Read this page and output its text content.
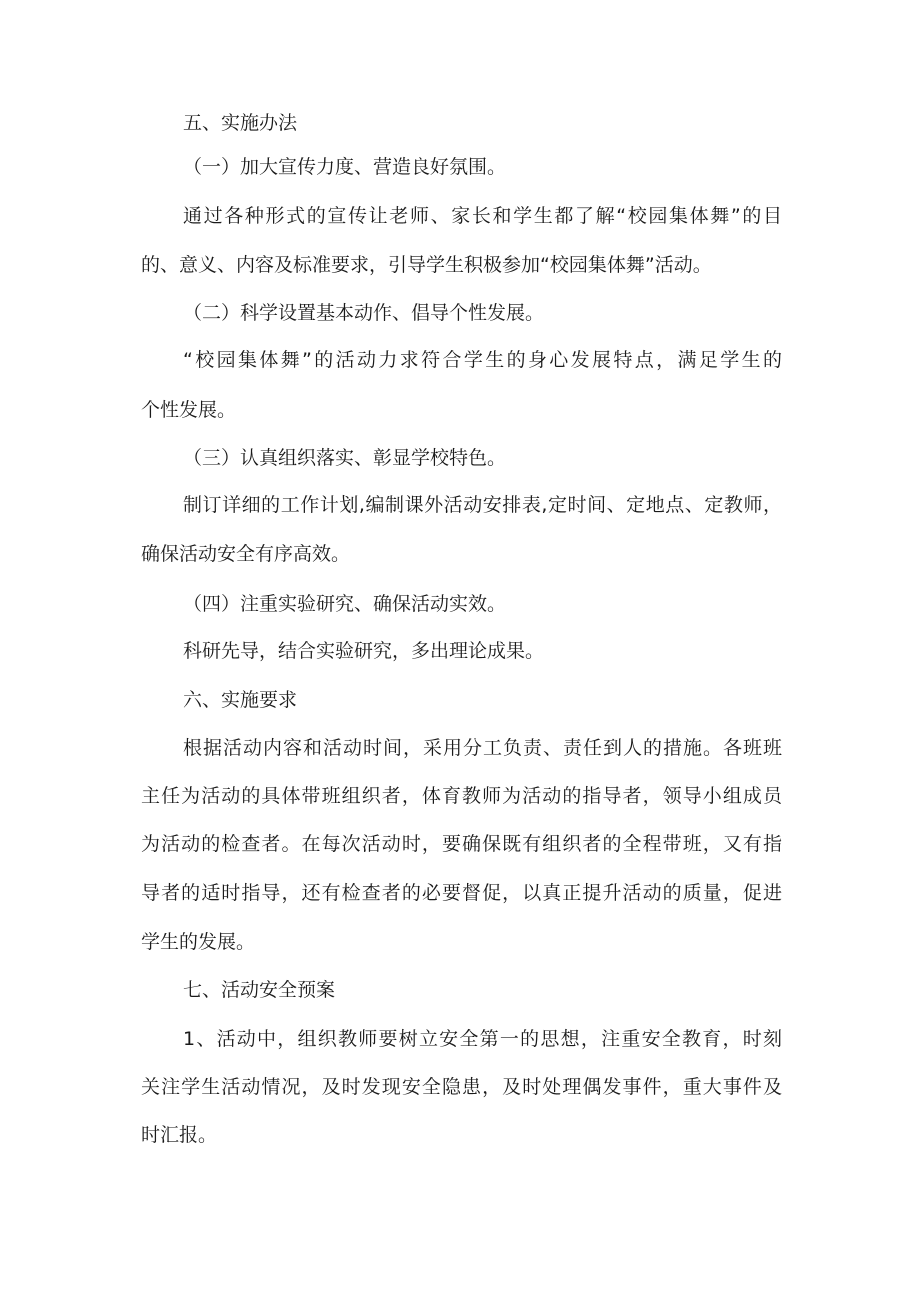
五、实施办法

（一）加大宣传力度、营造良好氛围。

通过各种形式的宣传让老师、家长和学生都了解“校园集体舞”的目

的、意义、内容及标准要求，引导学生积极参加“校园集体舞”活动。

（二）科学设置基本动作、倡导个性发展。

“校园集体舞”的活动力求符合学生的身心发展特点，满足学生的

个性发展。

（三）认真组织落实、彰显学校特色。

制订详细的工作计划,编制课外活动安排表,定时间、定地点、定教师，

确保活动安全有序高效。

（四）注重实验研究、确保活动实效。

科研先导，结合实验研究，多出理论成果。

六、实施要求

根据活动内容和活动时间，采用分工负责、责任到人的措施。各班班

主任为活动的具体带班组织者，体育教师为活动的指导者，领导小组成员

为活动的检查者。在每次活动时，要确保既有组织者的全程带班，又有指

导者的适时指导，还有检查者的必要督促，以真正提升活动的质量，促进

学生的发展。

七、活动安全预案

1、活动中，组织教师要树立安全第一的思想，注重安全教育，时刻

关注学生活动情况，及时发现安全隐患，及时处理偶发事件，重大事件及

时汇报。
